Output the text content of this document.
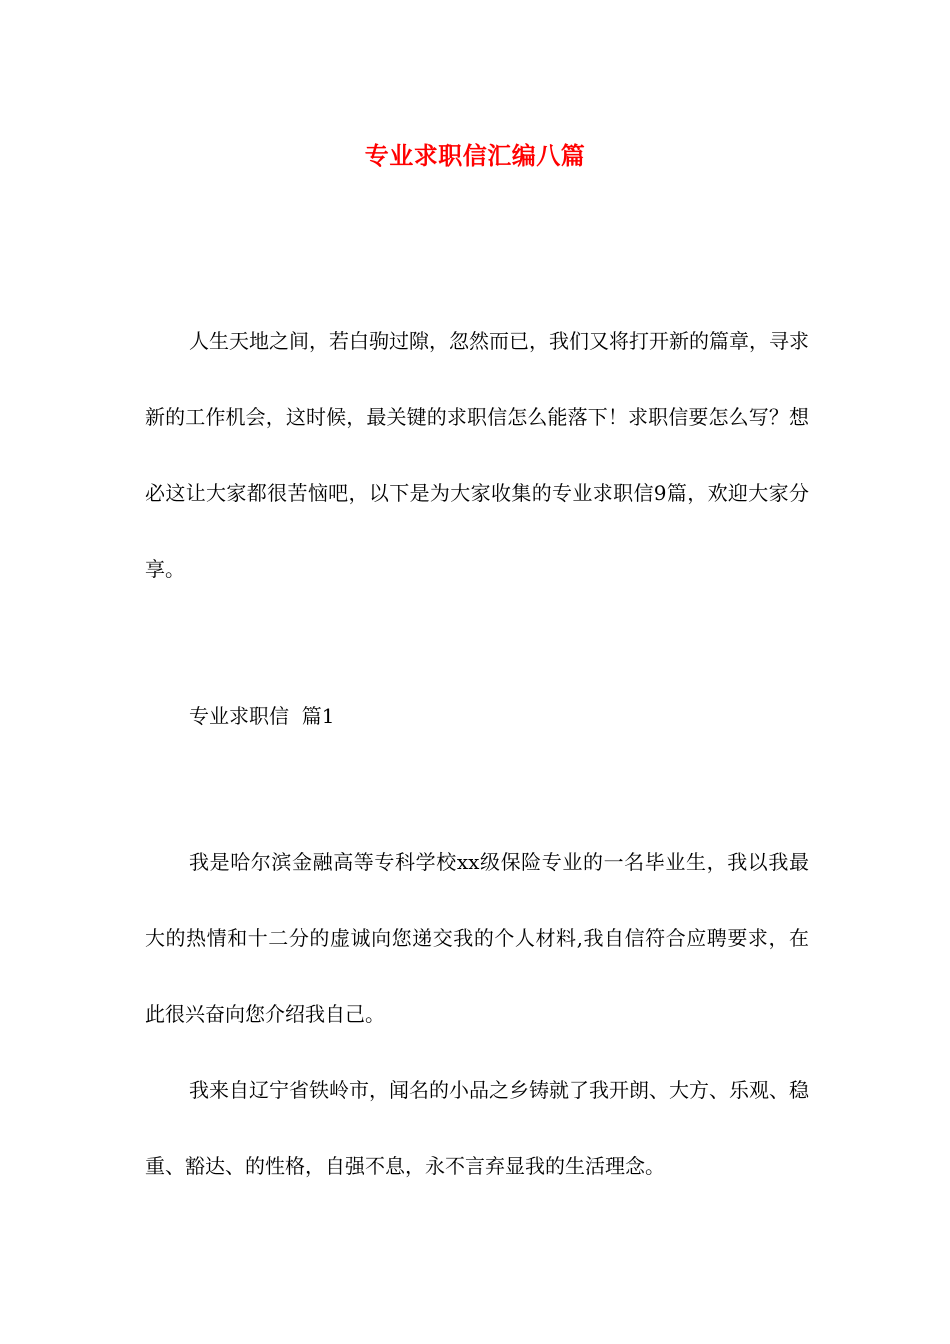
专业求职信汇编八篇

人生天地之间，若白驹过隙，忽然而已，我们又将打开新的篇章，寻求新的工作机会，这时候，最关键的求职信怎么能落下！求职信要怎么写？想必这让大家都很苦恼吧，以下是为大家收集的专业求职信9篇，欢迎大家分享。

专业求职信  篇1

我是哈尔滨金融高等专科学校xx级保险专业的一名毕业生，我以我最大的热情和十二分的虚诚向您递交我的个人材料,我自信符合应聘要求，在此很兴奋向您介绍我自己。

我来自辽宁省铁岭市，闻名的小品之乡铸就了我开朗、大方、乐观、稳重、豁达、的性格，自强不息，永不言弃显我的生活理念。
